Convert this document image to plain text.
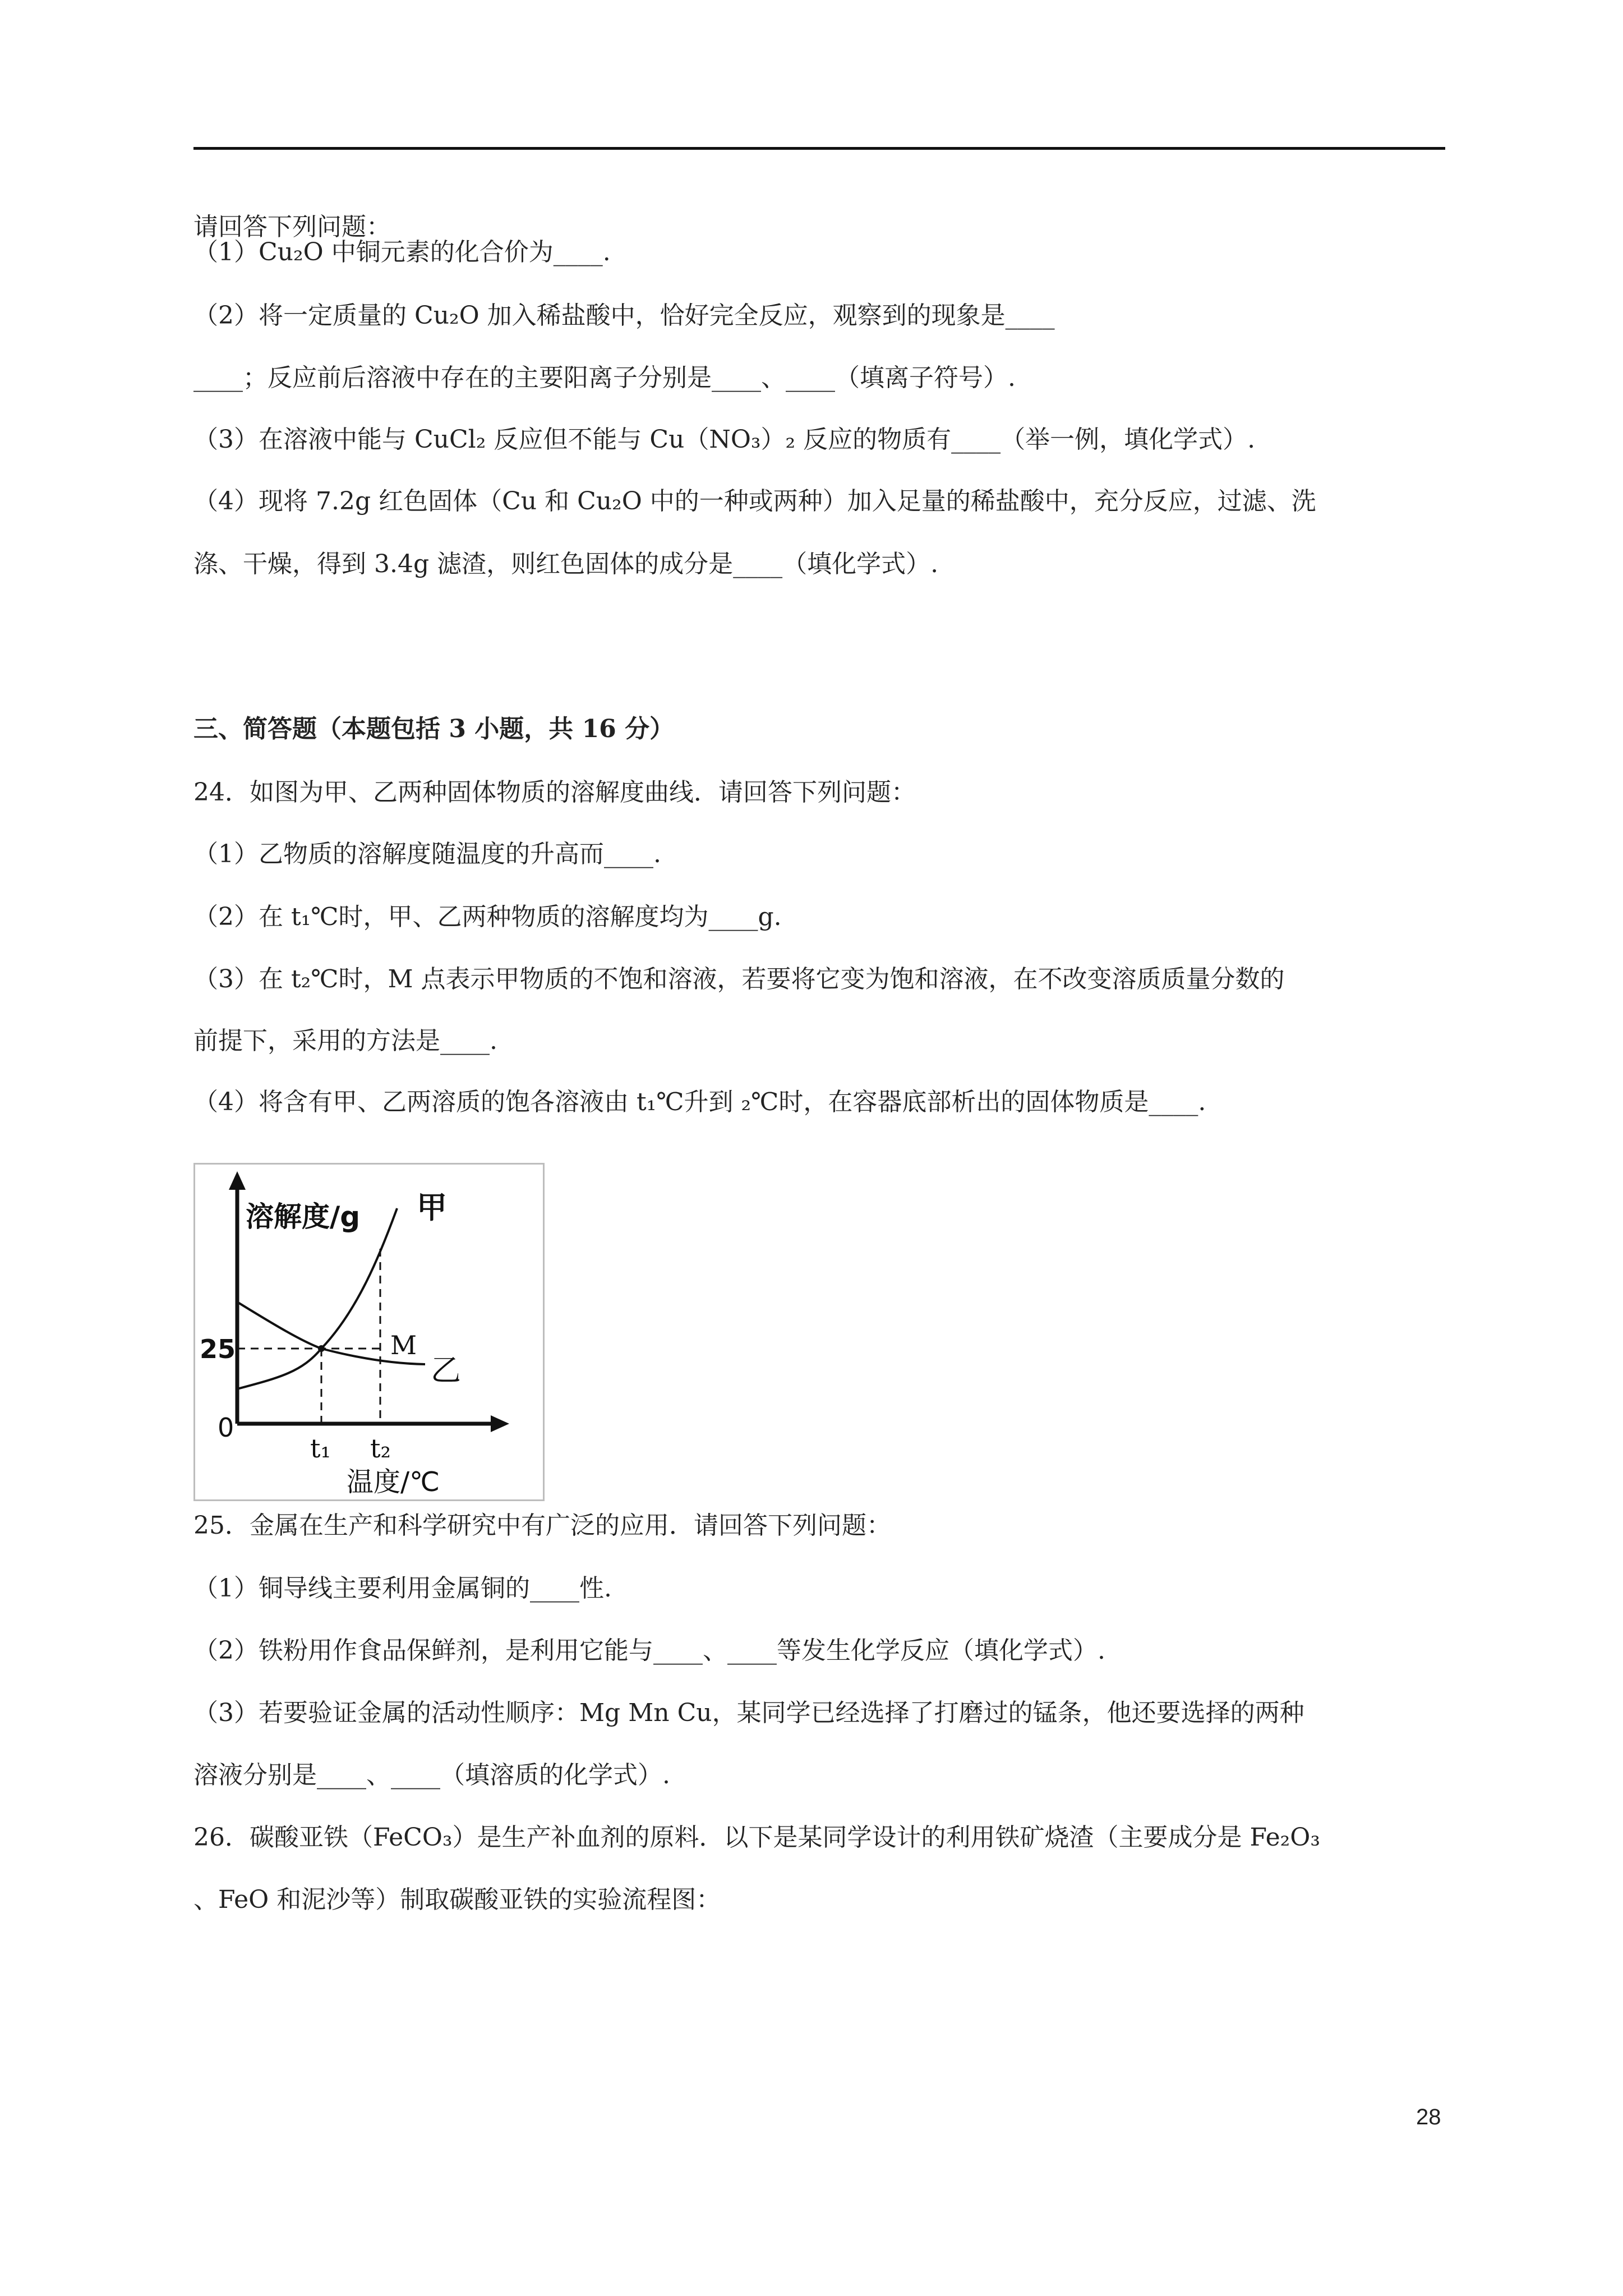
请回答下列问题：
（1）Cu₂O 中铜元素的化合价为____.
（2）将一定质量的 Cu₂O 加入稀盐酸中，恰好完全反应，观察到的现象是____
____；反应前后溶液中存在的主要阳离子分别是____、____（填离子符号）.
（3）在溶液中能与 CuCl₂ 反应但不能与 Cu（NO₃）₂ 反应的物质有____（举一例，填化学式）.
（4）现将 7.2g 红色固体（Cu 和 Cu₂O 中的一种或两种）加入足量的稀盐酸中，充分反应，过滤、洗
涤、干燥，得到 3.4g 滤渣，则红色固体的成分是____（填化学式）.
三、简答题（本题包括 3 小题，共 16 分）
24．如图为甲、乙两种固体物质的溶解度曲线．请回答下列问题：
（1）乙物质的溶解度随温度的升高而____.
（2）在 t₁℃时，甲、乙两种物质的溶解度均为____g.
（3）在 t₂℃时，M 点表示甲物质的不饱和溶液，若要将它变为饱和溶液，在不改变溶质质量分数的
前提下，采用的方法是____.
（4）将含有甲、乙两溶质的饱各溶液由 t₁℃升到 ₂℃时，在容器底部析出的固体物质是____.
溶解度/g 甲
乙
M
25
0
t₁ t₂
温度/℃
25．金属在生产和科学研究中有广泛的应用．请回答下列问题：
（1）铜导线主要利用金属铜的____性.
（2）铁粉用作食品保鲜剂，是利用它能与____、____等发生化学反应（填化学式）.
（3）若要验证金属的活动性顺序：Mg Mn Cu，某同学已经选择了打磨过的锰条，他还要选择的两种
溶液分别是____、____（填溶质的化学式）.
26．碳酸亚铁（FeCO₃）是生产补血剂的原料．以下是某同学设计的利用铁矿烧渣（主要成分是 Fe₂O₃
、FeO 和泥沙等）制取碳酸亚铁的实验流程图：
28
